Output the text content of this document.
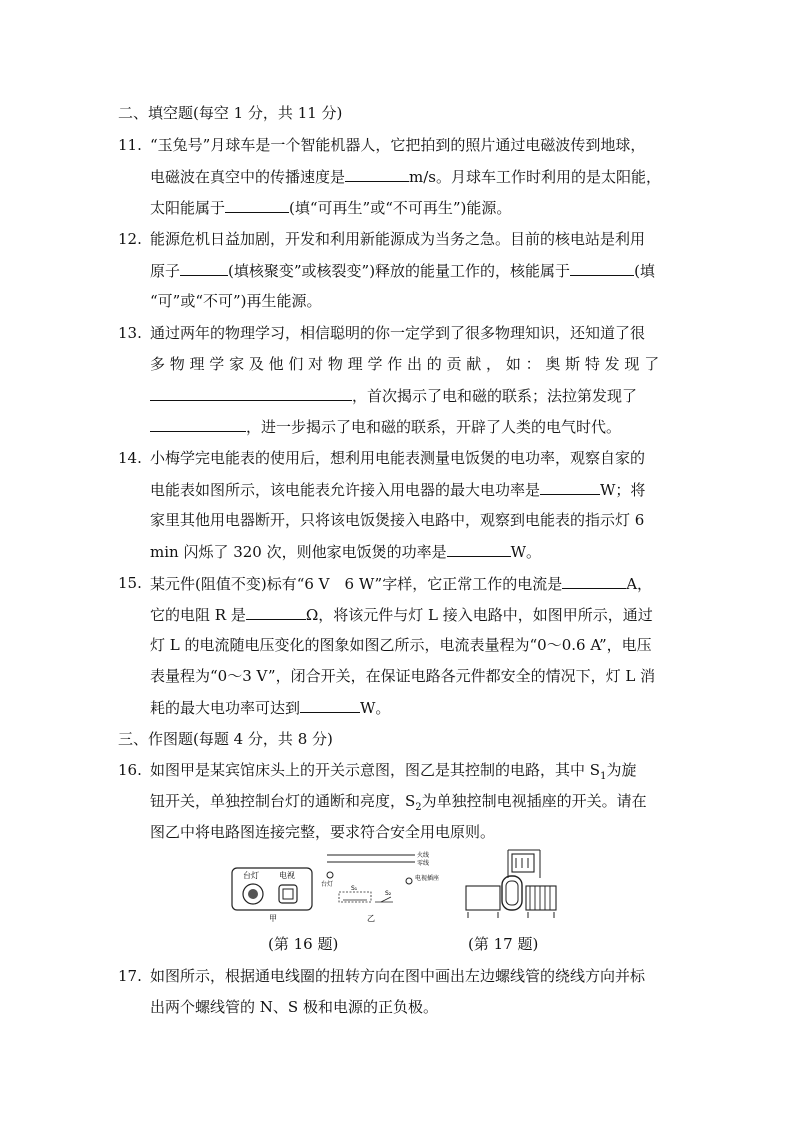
二、填空题(每空 1 分，共 11 分)
11. “玉兔号”月球车是一个智能机器人，它把拍到的照片通过电磁波传到地球，
电磁波在真空中的传播速度是	m/s。月球车工作时利用的是太阳能，
太阳能属于	(填“可再生”或“不可再生”)能源。
12. 能源危机日益加剧，开发和利用新能源成为当务之急。目前的核电站是利用
原子	(填核聚变”或核裂变”)释放的能量工作的，核能属于	(填
“可”或“不可”)再生能源。
13. 通过两年的物理学习，相信聪明的你一定学到了很多物理知识，还知道了很
多 物 理 学 家 及 他 们 对 物 理 学 作 出 的 贡 献 ， 如 ： 奥 斯 特 发 现 了
，首次揭示了电和磁的联系；法拉第发现了
，进一步揭示了电和磁的联系，开辟了人类的电气时代。
14. 小梅学完电能表的使用后，想利用电能表测量电饭煲的电功率，观察自家的
电能表如图所示，该电能表允许接入用电器的最大电功率是	W；将
家里其他用电器断开，只将该电饭煲接入电路中，观察到电能表的指示灯 6
min 闪烁了 320 次，则他家电饭煲的功率是	W。
15. 某元件(阻值不变)标有“6 V　6 W”字样，它正常工作的电流是	A，
它的电阻 R 是	Ω，将该元件与灯 L 接入电路中，如图甲所示，通过
灯 L 的电流随电压变化的图象如图乙所示，电流表量程为“0～0.6 A”，电压
表量程为“0～3 V”，闭合开关，在保证电路各元件都安全的情况下，灯 L 消
耗的最大电功率可达到	W。
三、作图题(每题 4 分，共 8 分)
16. 如图甲是某宾馆床头上的开关示意图，图乙是其控制的电路，其中 $S_1$为旋
钮开关，单独控制台灯的通断和亮度，$S_2$为单独控制电视插座的开关。请在
图乙中将电路图连接完整，要求符合安全用电原则。
台灯	电视
甲
火线
零线
台灯
S₁
S₂
电视插座
乙
(第 16 题)	(第 17 题)
17. 如图所示，根据通电线圈的扭转方向在图中画出左边螺线管的绕线方向并标
出两个螺线管的 N、S 极和电源的正负极。
